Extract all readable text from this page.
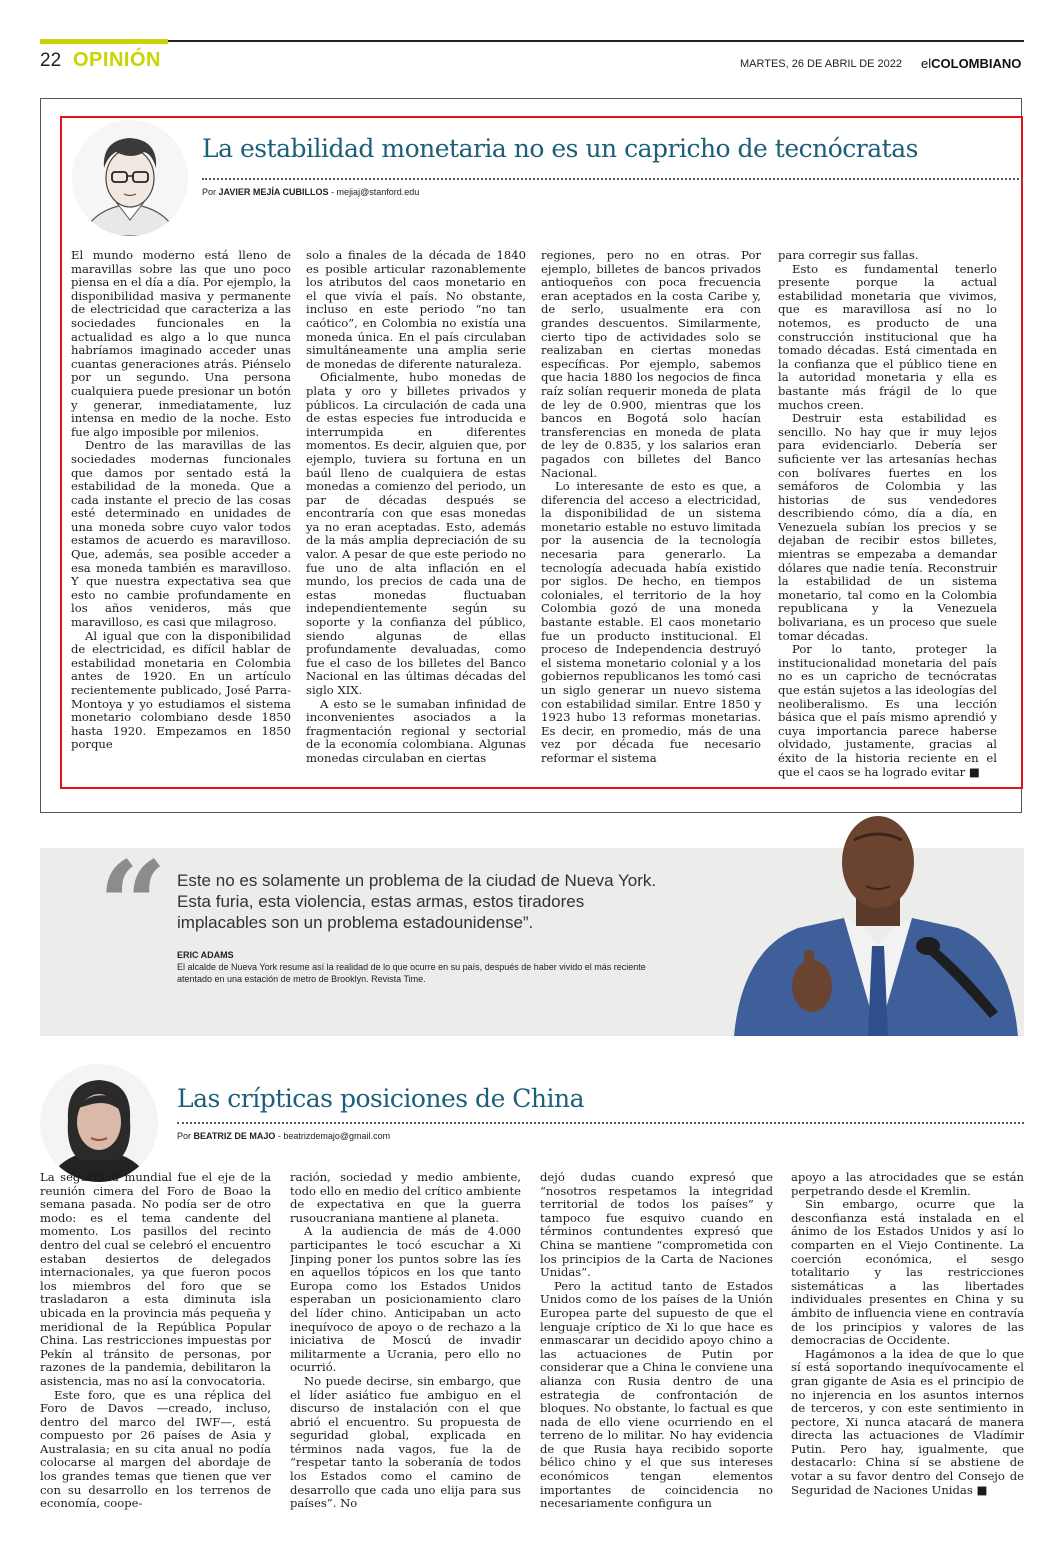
22 OPINIÓN	MARTES, 26 DE ABRIL DE 2022 elCOLOMBIANO
La estabilidad monetaria no es un capricho de tecnócratas
Por JAVIER MEJÍA CUBILLOS - mejiaj@stanford.edu

El mundo moderno está lleno de maravillas sobre las que uno poco piensa en el día a día. Por ejemplo, la disponibilidad masiva y permanente de electricidad que caracteriza a las sociedades funcionales en la actualidad es algo a lo que nunca habríamos imaginado acceder unas cuantas generaciones atrás. Piénselo por un segundo. Una persona cualquiera puede presionar un botón y generar, inmediatamente, luz intensa en medio de la noche. Esto fue algo imposible por milenios.

Dentro de las maravillas de las sociedades modernas funcionales que damos por sentado está la estabilidad de la moneda. Que a cada instante el precio de las cosas esté determinado en unidades de una moneda sobre cuyo valor todos estamos de acuerdo es maravilloso. Que, además, sea posible acceder a esa moneda también es maravilloso. Y que nuestra expectativa sea que esto no cambie profundamente en los años venideros, más que maravilloso, es casi que milagroso.

Al igual que con la disponibilidad de electricidad, es difícil hablar de estabilidad monetaria en Colombia antes de 1920. En un artículo recientemente publicado, José Parra-Montoya y yo estudiamos el sistema monetario colombiano desde 1850 hasta 1920. Empezamos en 1850 porque

solo a finales de la década de 1840 es posible articular razonablemente los atributos del caos monetario en el que vivía el país. No obstante, incluso en este periodo “no tan caótico”, en Colombia no existía una moneda única. En el país circulaban simultáneamente una amplia serie de monedas de diferente naturaleza.

Oficialmente, hubo monedas de plata y oro y billetes privados y públicos. La circulación de cada una de estas especies fue introducida e interrumpida en diferentes momentos. Es decir, alguien que, por ejemplo, tuviera su fortuna en un baúl lleno de cualquiera de estas monedas a comienzo del periodo, un par de décadas después se encontraría con que esas monedas ya no eran aceptadas. Esto, además de la más amplia depreciación de su valor. A pesar de que este periodo no fue uno de alta inflación en el mundo, los precios de cada una de estas monedas fluctuaban independientemente según su soporte y la confianza del público, siendo algunas de ellas profundamente devaluadas, como fue el caso de los billetes del Banco Nacional en las últimas décadas del siglo XIX.

A esto se le sumaban infinidad de inconvenientes asociados a la fragmentación regional y sectorial de la economía colombiana. Algunas monedas circulaban en ciertas

regiones, pero no en otras. Por ejemplo, billetes de bancos privados antioqueños con poca frecuencia eran aceptados en la costa Caribe y, de serlo, usualmente era con grandes descuentos. Similarmente, cierto tipo de actividades solo se realizaban en ciertas monedas específicas. Por ejemplo, sabemos que hacia 1880 los negocios de finca raíz solían requerir moneda de plata de ley de 0.900, mientras que los bancos en Bogotá solo hacían transferencias en moneda de plata de ley de 0.835, y los salarios eran pagados con billetes del Banco Nacional.

Lo interesante de esto es que, a diferencia del acceso a electricidad, la disponibilidad de un sistema monetario estable no estuvo limitada por la ausencia de la tecnología necesaria para generarlo. La tecnología adecuada había existido por siglos. De hecho, en tiempos coloniales, el territorio de la hoy Colombia gozó de una moneda bastante estable. El caos monetario fue un producto institucional. El proceso de Independencia destruyó el sistema monetario colonial y a los gobiernos republicanos les tomó casi un siglo generar un nuevo sistema con estabilidad similar. Entre 1850 y 1923 hubo 13 reformas monetarias. Es decir, en promedio, más de una vez por década fue necesario reformar el sistema

para corregir sus fallas.

Esto es fundamental tenerlo presente porque la actual estabilidad monetaria que vivimos, que es maravillosa así no lo notemos, es producto de una construcción institucional que ha tomado décadas. Está cimentada en la confianza que el público tiene en la autoridad monetaria y ella es bastante más frágil de lo que muchos creen.

Destruir esta estabilidad es sencillo. No hay que ir muy lejos para evidenciarlo. Debería ser suficiente ver las artesanías hechas con bolívares fuertes en los semáforos de Colombia y las historias de sus vendedores describiendo cómo, día a día, en Venezuela subían los precios y se dejaban de recibir estos billetes, mientras se empezaba a demandar dólares que nadie tenía. Reconstruir la estabilidad de un sistema monetario, tal como en la Colombia republicana y la Venezuela bolivariana, es un proceso que suele tomar décadas.

Por lo tanto, proteger la institucionalidad monetaria del país no es un capricho de tecnócratas que están sujetos a las ideologías del neoliberalismo. Es una lección básica que el país mismo aprendió y cuya importancia parece haberse olvidado, justamente, gracias al éxito de la historia reciente en el que el caos se ha logrado evitar ■

“ Este no es solamente un problema de la ciudad de Nueva York. Esta furia, esta violencia, estas armas, estos tiradores implacables son un problema estadounidense”.
ERIC ADAMS
El alcalde de Nueva York resume así la realidad de lo que ocurre en su país, después de haber vivido el más reciente atentado en una estación de metro de Brooklyn. Revista Time.
Las crípticas posiciones de China
Por BEATRIZ DE MAJO - beatrizdemajo@gmail.com

La seguridad mundial fue el eje de la reunión cimera del Foro de Boao la semana pasada. No podía ser de otro modo: es el tema candente del momento. Los pasillos del recinto dentro del cual se celebró el encuentro estaban desiertos de delegados internacionales, ya que fueron pocos los miembros del foro que se trasladaron a esta diminuta isla ubicada en la provincia más pequeña y meridional de la República Popular China. Las restricciones impuestas por Pekín al tránsito de personas, por razones de la pandemia, debilitaron la asistencia, mas no así la convocatoria.

Este foro, que es una réplica del Foro de Davos —creado, incluso, dentro del marco del IWF—, está compuesto por 26 países de Asia y Australasia; en su cita anual no podía colocarse al margen del abordaje de los grandes temas que tienen que ver con su desarrollo en los terrenos de economía, coope-

ración, sociedad y medio ambiente, todo ello en medio del crítico ambiente de expectativa en que la guerra rusoucraniana mantiene al planeta.

A la audiencia de más de 4.000 participantes le tocó escuchar a Xi Jinping poner los puntos sobre las íes en aquellos tópicos en los que tanto Europa como los Estados Unidos esperaban un posicionamiento claro del líder chino. Anticipaban un acto inequívoco de apoyo o de rechazo a la iniciativa de Moscú de invadir militarmente a Ucrania, pero ello no ocurrió.

No puede decirse, sin embargo, que el líder asiático fue ambiguo en el discurso de instalación con el que abrió el encuentro. Su propuesta de seguridad global, explicada en términos nada vagos, fue la de “respetar tanto la soberanía de todos los Estados como el camino de desarrollo que cada uno elija para sus países”. No

dejó dudas cuando expresó que “nosotros respetamos la integridad territorial de todos los países” y tampoco fue esquivo cuando en términos contundentes expresó que China se mantiene “comprometida con los principios de la Carta de Naciones Unidas”.

Pero la actitud tanto de Estados Unidos como de los países de la Unión Europea parte del supuesto de que el lenguaje críptico de Xi lo que hace es enmascarar un decidido apoyo chino a las actuaciones de Putin por considerar que a China le conviene una alianza con Rusia dentro de una estrategia de confrontación de bloques. No obstante, lo factual es que nada de ello viene ocurriendo en el terreno de lo militar. No hay evidencia de que Rusia haya recibido soporte bélico chino y el que sus intereses económicos tengan elementos importantes de coincidencia no necesariamente configura un

apoyo a las atrocidades que se están perpetrando desde el Kremlin.

Sin embargo, ocurre que la desconfianza está instalada en el ánimo de los Estados Unidos y así lo comparten en el Viejo Continente. La coerción económica, el sesgo totalitario y las restricciones sistemáticas a las libertades individuales presentes en China y su ámbito de influencia viene en contravía de los principios y valores de las democracias de Occidente.

Hagámonos a la idea de que lo que sí está soportando inequívocamente el gran gigante de Asia es el principio de no injerencia en los asuntos internos de terceros, y con este sentimiento in pectore, Xi nunca atacará de manera directa las actuaciones de Vladímir Putin. Pero hay, igualmente, que destacarlo: China sí se abstiene de votar a su favor dentro del Consejo de Seguridad de Naciones Unidas ■
